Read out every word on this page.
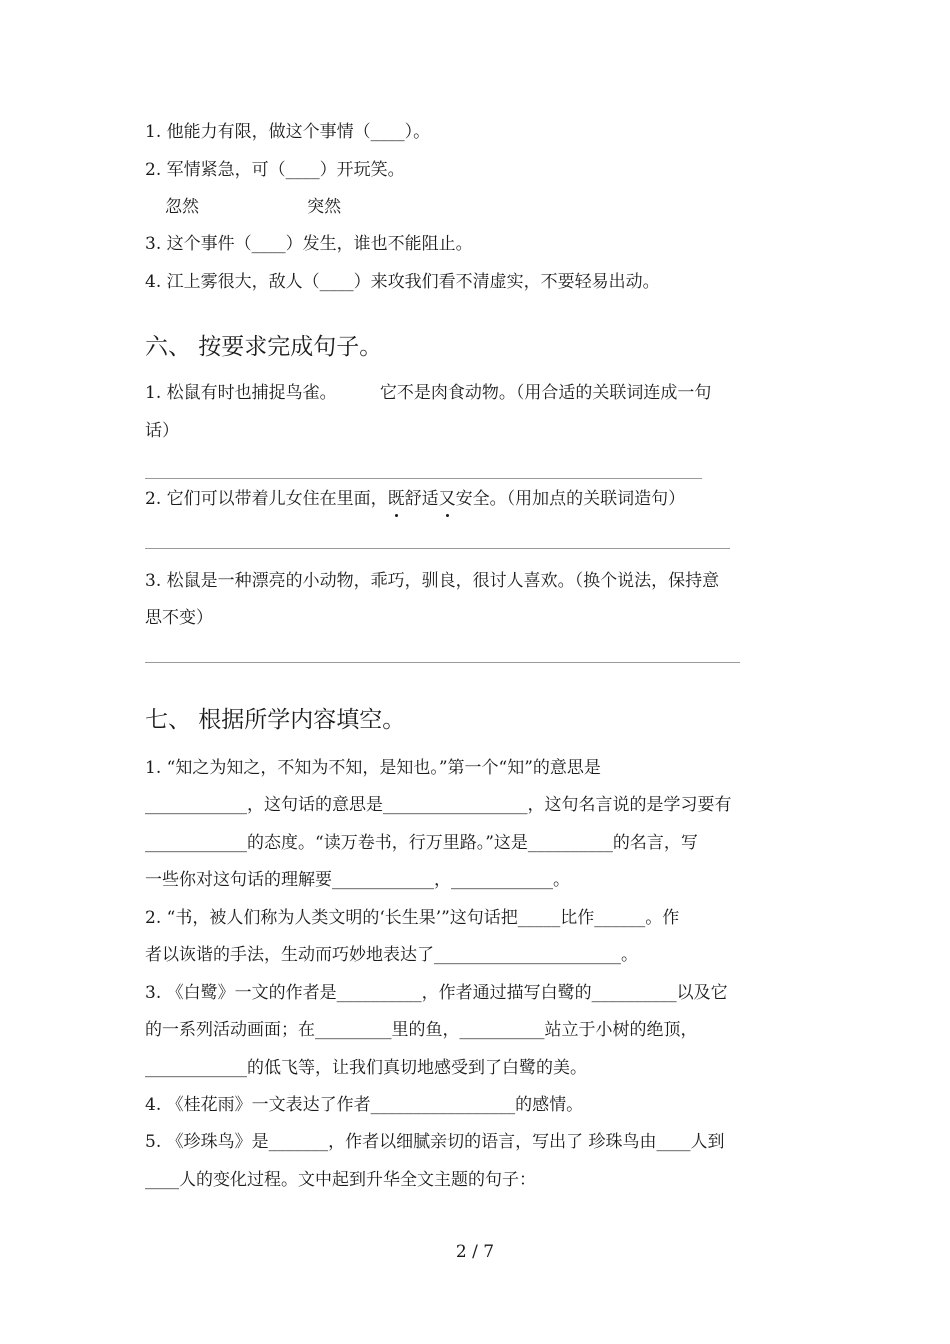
1. 他能力有限，做这个事情（____）。
2. 军情紧急，可（____）开玩笑。
忽然                    突然
3. 这个事件（____）发生，谁也不能阻止。
4. 江上雾很大，敌人（____）来攻我们看不清虚实，不要轻易出动。
六、 按要求完成句子。
1. 松鼠有时也捕捉鸟雀。        它不是肉食动物。（用合适的关联词连成一句
话）
2. 它们可以带着儿女住在里面，既舒适又安全。（用加点的关联词造句）
3. 松鼠是一种漂亮的小动物，乖巧，驯良，很讨人喜欢。（换个说法，保持意
思不变）
七、 根据所学内容填空。
1. “知之为知之，不知为不知，是知也。”第一个“知”的意思是
____________，这句话的意思是_________________，这句名言说的是学习要有
____________的态度。“读万卷书，行万里路。”这是__________的名言，写
一些你对这句话的理解要____________，____________。
2. “书，被人们称为人类文明的‘长生果’”这句话把_____比作______。作
者以诙谐的手法，生动而巧妙地表达了______________________。
3. 《白鹭》一文的作者是__________，作者通过描写白鹭的__________以及它
的一系列活动画面；在_________里的鱼，__________站立于小树的绝顶，
____________的低飞等，让我们真切地感受到了白鹭的美。
4. 《桂花雨》一文表达了作者_________________的感情。
5. 《珍珠鸟》是_______，作者以细腻亲切的语言，写出了 珍珠鸟由____人到
____人的变化过程。文中起到升华全文主题的句子：
2 / 7
